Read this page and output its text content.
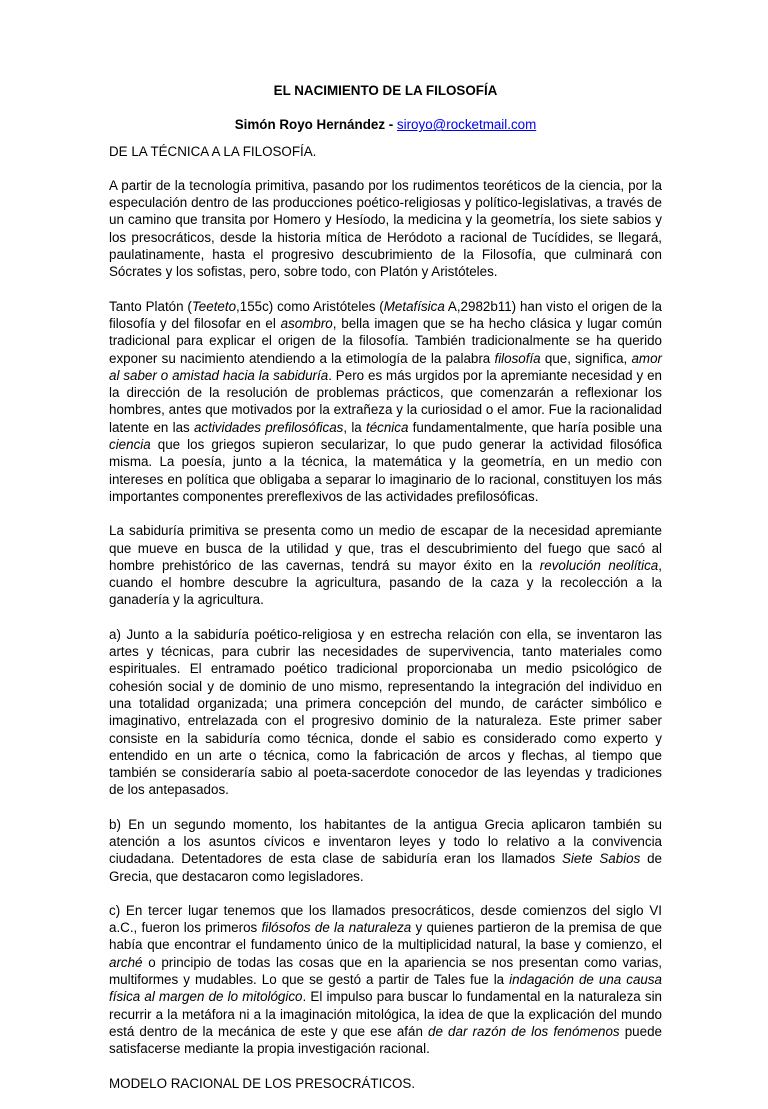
EL NACIMIENTO DE LA FILOSOFÍA
Simón Royo Hernández - siroyo@rocketmail.com
DE LA TÉCNICA A LA FILOSOFÍA.

A partir de la tecnología primitiva, pasando por los rudimentos teoréticos de la ciencia, por la especulación dentro de las producciones poético-religiosas y político-legislativas, a través de un camino que transita por Homero y Hesíodo, la medicina y la geometría, los siete sabios y los presocráticos, desde la historia mítica de Heródoto a racional de Tucídides, se llegará, paulatinamente, hasta el progresivo descubrimiento de la Filosofía, que culminará con Sócrates y los sofistas, pero, sobre todo, con Platón y Aristóteles.

Tanto Platón (Teeteto,155c) como Aristóteles (Metafísica A,2982b11) han visto el origen de la filosofía y del filosofar en el asombro, bella imagen que se ha hecho clásica y lugar común tradicional para explicar el origen de la filosofía. También tradicionalmente se ha querido exponer su nacimiento atendiendo a la etimología de la palabra filosofía que, significa, amor al saber o amistad hacia la sabiduría. Pero es más urgidos por la apremiante necesidad y en la dirección de la resolución de problemas prácticos, que comenzarán a reflexionar los hombres, antes que motivados por la extrañeza y la curiosidad o el amor. Fue la racionalidad latente en las actividades prefilosóficas, la técnica fundamentalmente, que haría posible una ciencia que los griegos supieron secularizar, lo que pudo generar la actividad filosófica misma. La poesía, junto a la técnica, la matemática y la geometría, en un medio con intereses en política que obligaba a separar lo imaginario de lo racional, constituyen los más importantes componentes prereflexivos de las actividades prefilosóficas.

La sabiduría primitiva se presenta como un medio de escapar de la necesidad apremiante que mueve en busca de la utilidad y que, tras el descubrimiento del fuego que sacó al hombre prehistórico de las cavernas, tendrá su mayor éxito en la revolución neolítica, cuando el hombre descubre la agricultura, pasando de la caza y la recolección a la ganadería y la agricultura.

a) Junto a la sabiduría poético-religiosa y en estrecha relación con ella, se inventaron las artes y técnicas, para cubrir las necesidades de supervivencia, tanto materiales como espirituales. El entramado poético tradicional proporcionaba un medio psicológico de cohesión social y de dominio de uno mismo, representando la integración del individuo en una totalidad organizada; una primera concepción del mundo, de carácter simbólico e imaginativo, entrelazada con el progresivo dominio de la naturaleza. Este primer saber consiste en la sabiduría como técnica, donde el sabio es considerado como experto y entendido en un arte o técnica, como la fabricación de arcos y flechas, al tiempo que también se consideraría sabio al poeta-sacerdote conocedor de las leyendas y tradiciones de los antepasados.

b) En un segundo momento, los habitantes de la antigua Grecia aplicaron también su atención a los asuntos cívicos e inventaron leyes y todo lo relativo a la convivencia ciudadana. Detentadores de esta clase de sabiduría eran los llamados Siete Sabios de Grecia, que destacaron como legisladores.

c) En tercer lugar tenemos que los llamados presocráticos, desde comienzos del siglo VI a.C., fueron los primeros filósofos de la naturaleza y quienes partieron de la premisa de que había que encontrar el fundamento único de la multiplicidad natural, la base y comienzo, el arché o principio de todas las cosas que en la apariencia se nos presentan como varias, multiformes y mudables. Lo que se gestó a partir de Tales fue la indagación de una causa física al margen de lo mitológico. El impulso para buscar lo fundamental en la naturaleza sin recurrir a la metáfora ni a la imaginación mitológica, la idea de que la explicación del mundo está dentro de la mecánica de este y que ese afán de dar razón de los fenómenos puede satisfacerse mediante la propia investigación racional.

MODELO RACIONAL DE LOS PRESOCRÁTICOS.
